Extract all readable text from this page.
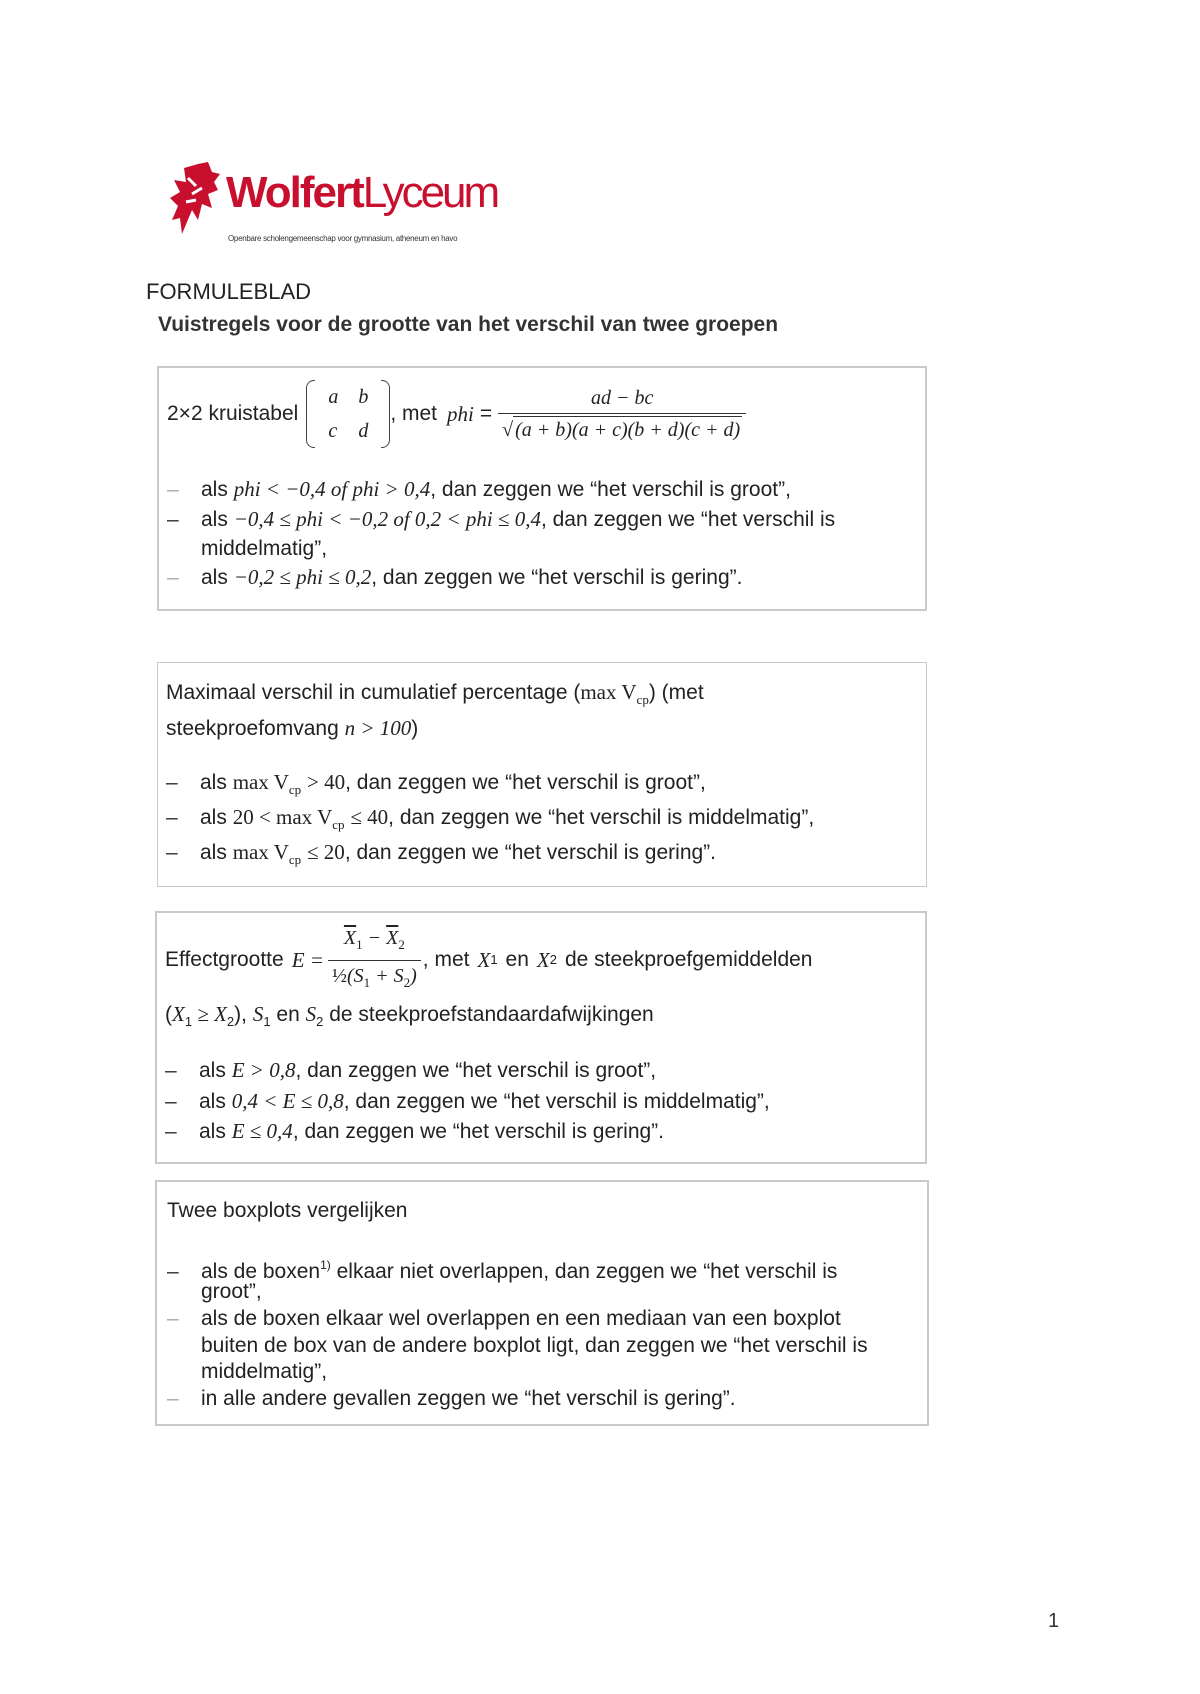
WolfertLyceum
Openbare scholengemeenschap voor gymnasium, atheneum en havo
FORMULEBLAD
Vuistregels voor de grootte van het verschil van twee groepen
2×2 kruistabel
a	b
c	d
, met phi = $\frac{ad - bc}{√ (a + b)(a + c)(b + d)(c + d)}$
– als phi < −0,4 of phi > 0,4, dan zeggen we “het verschil is groot”,
– als −0,4 ≤ phi < −0,2 of 0,2 < phi ≤ 0,4, dan zeggen we “het verschil is
middelmatig”,
– als −0,2 ≤ phi ≤ 0,2, dan zeggen we “het verschil is gering”.
Maximaal verschil in cumulatief percentage (max $V_{cp}$) (met
steekproefomvang n > 100)
– als $\max V_{cp} > 40$, dan zeggen we “het verschil is groot”,
– als $20 < \max V_{cp} \le 40$, dan zeggen we “het verschil is middelmatig”,
– als $\max V_{cp} \le 20$, dan zeggen we “het verschil is gering”.
Effectgrootte $E = \frac{\overline{X}_1 - \overline{X}_2}{\frac{1}{2}(S_1 + S_2)}$ , met X 1 en X 2 de steekproefgemiddelden
$(X_1 \ge X_2)$, $S_1$ en $S_2$ de steekproefstandaardafwijkingen
– als E > 0,8, dan zeggen we “het verschil is groot”,
– als 0,4 < E ≤ 0,8, dan zeggen we “het verschil is middelmatig”,
– als E ≤ 0,4, dan zeggen we “het verschil is gering”.
Twee boxplots vergelijken
– als de boxen$^{1)}$ elkaar niet overlappen, dan zeggen we “het verschil is
groot”,
– als de boxen elkaar wel overlappen en een mediaan van een boxplot
buiten de box van de andere boxplot ligt, dan zeggen we “het verschil is
middelmatig”,
– in alle andere gevallen zeggen we “het verschil is gering”.
1
